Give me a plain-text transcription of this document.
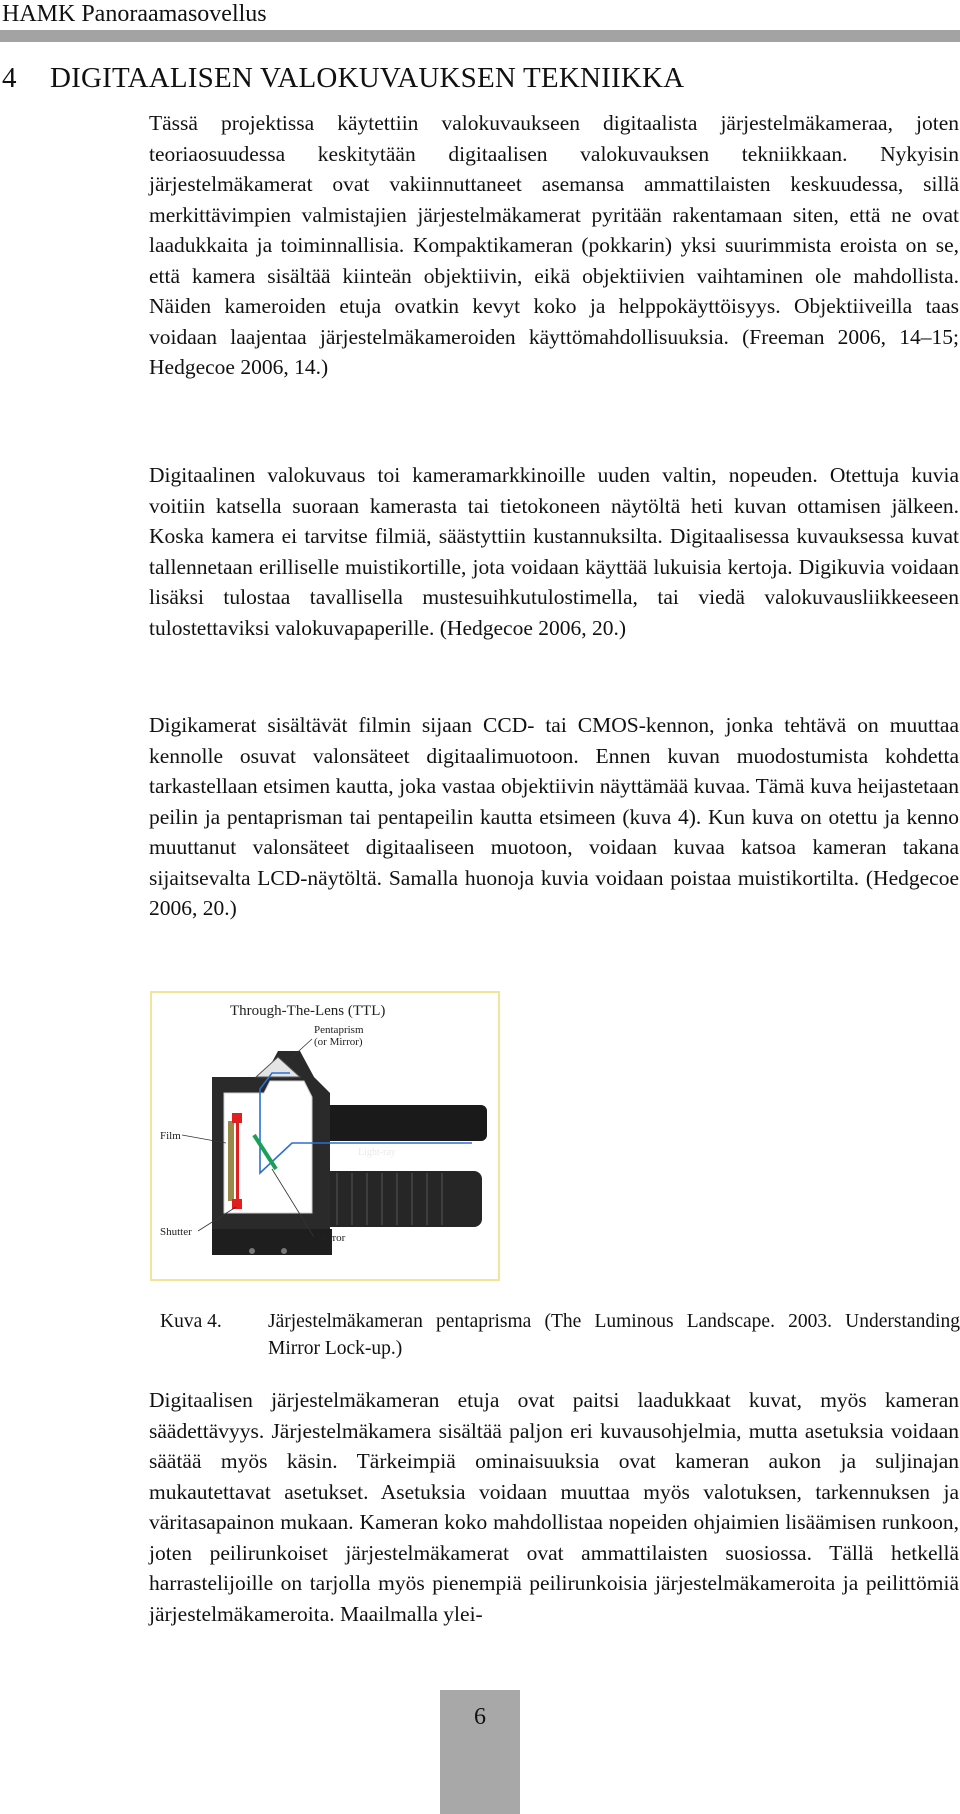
HAMK Panoraamasovellus
4 DIGITAALISEN VALOKUVAUKSEN TEKNIIKKA

Tässä projektissa käytettiin valokuvaukseen digitaalista järjestelmäkameraa, joten teoriaosuudessa keskitytään digitaalisen valokuvauksen tekniikkaan. Nykyisin järjestelmäkamerat ovat vakiinnuttaneet asemansa ammattilaisten keskuudessa, sillä merkittävimpien valmistajien järjestelmäkamerat pyritään rakentamaan siten, että ne ovat laadukkaita ja toiminnallisia. Kompaktikameran (pokkarin) yksi suurimmista eroista on se, että kamera sisältää kiinteän objektiivin, eikä objektiivien vaihtaminen ole mahdollista. Näiden kameroiden etuja ovatkin kevyt koko ja helppokäyttöisyys. Objektiiveilla taas voidaan laajentaa järjestelmäkameroiden käyttömahdollisuuksia. (Freeman 2006, 14–15; Hedgecoe 2006, 14.)

Digitaalinen valokuvaus toi kameramarkkinoille uuden valtin, nopeuden. Otettuja kuvia voitiin katsella suoraan kamerasta tai tietokoneen näytöltä heti kuvan ottamisen jälkeen. Koska kamera ei tarvitse filmiä, säästyttiin kustannuksilta. Digitaalisessa kuvauksessa kuvat tallennetaan erilliselle muistikortille, jota voidaan käyttää lukuisia kertoja. Digikuvia voidaan lisäksi tulostaa tavallisella mustesuihkutulostimella, tai viedä valokuvausliikkeeseen tulostettaviksi valokuvapaperille. (Hedgecoe 2006, 20.)

Digikamerat sisältävät filmin sijaan CCD- tai CMOS-kennon, jonka tehtävä on muuttaa kennolle osuvat valonsäteet digitaalimuotoon. Ennen kuvan muodostumista kohdetta tarkastellaan etsimen kautta, joka vastaa objektiivin näyttämää kuvaa. Tämä kuva heijastetaan peilin ja pentaprisman tai pentapeilin kautta etsimeen (kuva 4). Kun kuva on otettu ja kenno muuttanut valonsäteet digitaaliseen muotoon, voidaan kuvaa katsoa kameran takana sijaitsevalta LCD-näytöltä. Samalla huonoja kuvia voidaan poistaa muistikortilta. (Hedgecoe 2006, 20.)

Through-The-Lens (TTL)
Pentaprism
(or Mirror)
Film
Light-ray
Shutter	Mirror
Kuva 4. Järjestelmäkameran pentaprisma (The Luminous Landscape. 2003. Understanding Mirror Lock-up.)

Digitaalisen järjestelmäkameran etuja ovat paitsi laadukkaat kuvat, myös kameran säädettävyys. Järjestelmäkamera sisältää paljon eri kuvausohjelmia, mutta asetuksia voidaan säätää myös käsin. Tärkeimpiä ominaisuuksia ovat kameran aukon ja suljinajan mukautettavat asetukset. Asetuksia voidaan muuttaa myös valotuksen, tarkennuksen ja väritasapainon mukaan. Kameran koko mahdollistaa nopeiden ohjaimien lisäämisen runkoon, joten peilirunkoiset järjestelmäkamerat ovat ammattilaisten suosiossa. Tällä hetkellä harrastelijoille on tarjolla myös pienempiä peilirunkoisia järjestelmäkameroita ja peilittömiä järjestelmäkameroita. Maailmalla ylei-

6
